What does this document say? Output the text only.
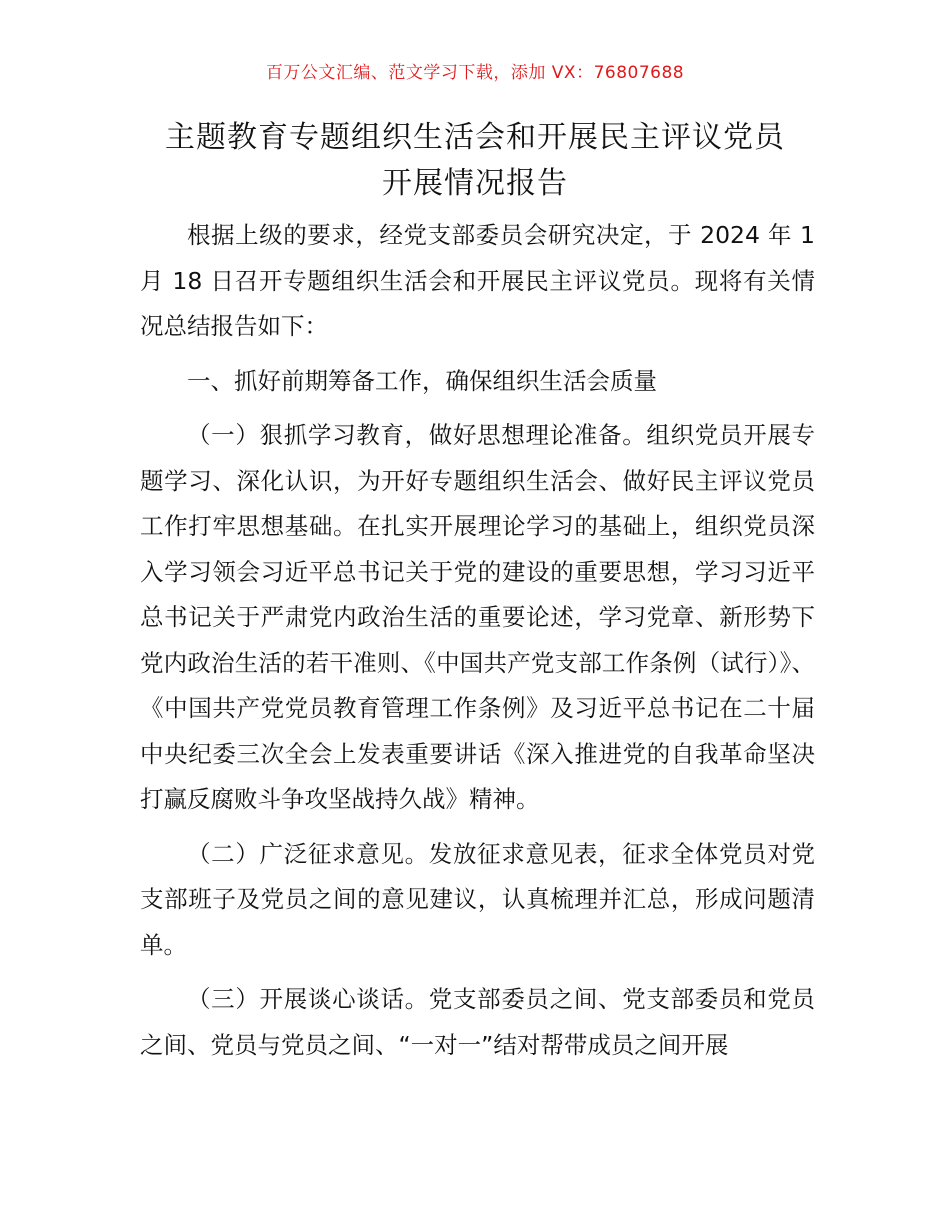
百万公文汇编、范文学习下载，添加 VX：76807688
主题教育专题组织生活会和开展民主评议党员
开展情况报告

根据上级的要求，经党支部委员会研究决定，于 2024 年 1 月 18 日召开专题组织生活会和开展民主评议党员。现将有关情况总结报告如下：

一、抓好前期筹备工作，确保组织生活会质量

（一）狠抓学习教育，做好思想理论准备。组织党员开展专题学习、深化认识，为开好专题组织生活会、做好民主评议党员工作打牢思想基础。在扎实开展理论学习的基础上，组织党员深入学习领会习近平总书记关于党的建设的重要思想，学习习近平总书记关于严肃党内政治生活的重要论述，学习党章、新形势下党内政治生活的若干准则、《中国共产党支部工作条例（试行）》、《中国共产党党员教育管理工作条例》及习近平总书记在二十届中央纪委三次全会上发表重要讲话《深入推进党的自我革命坚决打赢反腐败斗争攻坚战持久战》精神。

（二）广泛征求意见。发放征求意见表，征求全体党员对党支部班子及党员之间的意见建议，认真梳理并汇总，形成问题清单。

（三）开展谈心谈话。党支部委员之间、党支部委员和党员之间、党员与党员之间、“一对一”结对帮带成员之间开展
